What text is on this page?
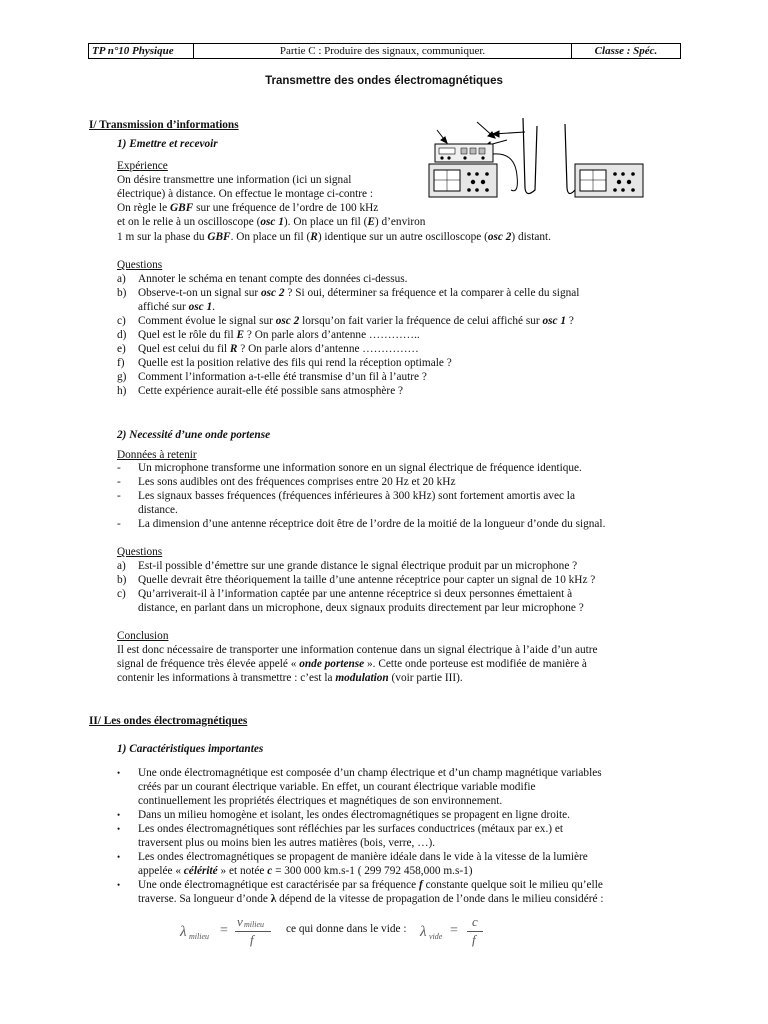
TP n°10 Physique	Partie C : Produire des signaux, communiquer.	Classe : Spéc.
Transmettre des ondes électromagnétiques
I/ Transmission d’informations
1) Emettre et recevoir
Expérience
On désire transmettre une information (ici un signal
électrique) à distance. On effectue le montage ci-contre :
On règle le GBF sur une fréquence de l’ordre de 100 kHz
et on le relie à un oscilloscope (osc 1). On place un fil (E) d’environ
1 m sur la phase du GBF. On place un fil (R) identique sur un autre oscilloscope (osc 2) distant.
Questions
a) Annoter le schéma en tenant compte des données ci-dessus.
b) Observe-t-on un signal sur osc 2 ? Si oui, déterminer sa fréquence et la comparer à celle du signal
affiché sur osc 1.
c) Comment évolue le signal sur osc 2 lorsqu’on fait varier la fréquence de celui affiché sur osc 1 ?
d) Quel est le rôle du fil E ? On parle alors d’antenne …………..
e) Quel est celui du fil R ? On parle alors d’antenne ……………
f) Quelle est la position relative des fils qui rend la réception optimale ?
g) Comment l’information a-t-elle été transmise d’un fil à l’autre ?
h) Cette expérience aurait-elle été possible sans atmosphère ?
2) Necessité d’une onde portense
Données à retenir
- Un microphone transforme une information sonore en un signal électrique de fréquence identique.
- Les sons audibles ont des fréquences comprises entre 20 Hz et 20 kHz
- Les signaux basses fréquences (fréquences inférieures à 300 kHz) sont fortement amortis avec la
distance.
- La dimension d’une antenne réceptrice doit être de l’ordre de la moitié de la longueur d’onde du signal.
Questions
a) Est-il possible d’émettre sur une grande distance le signal électrique produit par un microphone ?
b) Quelle devrait être théoriquement la taille d’une antenne réceptrice pour capter un signal de 10 kHz ?
c) Qu’arriverait-il à l’information captée par une antenne réceptrice si deux personnes émettaient à
distance, en parlant dans un microphone, deux signaux produits directement par leur microphone ?
Conclusion
Il est donc nécessaire de transporter une information contenue dans un signal électrique à l’aide d’un autre
signal de fréquence très élevée appelé « onde portense ». Cette onde porteuse est modifiée de manière à
contenir les informations à transmettre : c’est la modulation (voir partie III).
II/ Les ondes électromagnétiques
1) Caractéristiques importantes
• Une onde électromagnétique est composée d’un champ électrique et d’un champ magnétique variables
créés par un courant électrique variable. En effet, un courant électrique variable modifie
continuellement les propriétés électriques et magnétiques de son environnement.
• Dans un milieu homogène et isolant, les ondes électromagnétiques se propagent en ligne droite.
• Les ondes électromagnétiques sont réfléchies par les surfaces conductrices (métaux par ex.) et
traversent plus ou moins bien les autres matières (bois, verre, …).
• Les ondes électromagnétiques se propagent de manière idéale dans le vide à la vitesse de la lumière
appelée « célérité » et notée c = 300 000 km.s-1 ( 299 792 458,000 m.s-1)
• Une onde électromagnétique est caractérisée par sa fréquence f constante quelque soit le milieu qu’elle
traverse. Sa longueur d’onde λ dépend de la vitesse de propagation de l’onde dans le milieu considéré :
λ milieu =
v milieu
f
ce qui donne dans le vide : λ vide =
c
f
